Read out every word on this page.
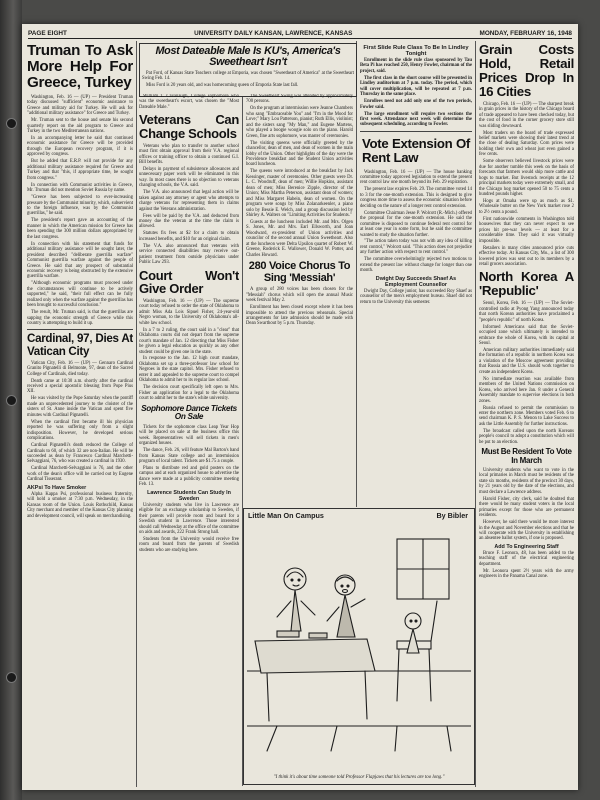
PAGE EIGHT	UNIVERSITY DAILY KANSAN, LAWRENCE, KANSAS	MONDAY, FEBRUARY 16, 1948
Truman To Ask More Help For Greece, Turkey

Washington, Feb. 16 — (UP) — President Truman today discussed "sufficient" economic assistance to Greece and military aid for Turkey. He will ask for "additional military assistance" for Greece and Turkey.

Mr. Truman sent to the house and senate his second quarterly report on the aid program to Greece and Turkey in the two Mediterranean nations.

In an accompanying letter he said that continued economic assistance for Greece will be provided through the European recovery program, if it is approved by congress.

But he added that E.R.P. will not provide for any additional military assistance required for Greece and Turkey and that "this, if appropriate time, be sought from congress."

In connection with Communist activities in Greece, Mr. Truman did not mention Soviet Russia by name.

"Greece has been subjected to ever-increasing pressure by the Communist minority, which, subservient to the foreign influence, was by the Communist guerrillas," he said.

The president's report gave an accounting of the manner in which the American mission for Greece has been spending the 300 million dollars appropriated by the last congress.

In connection with his statement that funds for additional military assistance will be sought later, the president described "deliberate guerrilla warfare" Communist guerrilla warfare against the people of Greece. He said that any prospect of substantial economic recovery is being obstructed by the extensive guerrilla warfare.

"Although economic programs must proceed under the circumstances will continue to be actively supported," he said, "their full effect can be fully realized only when the warfare against the guerrillas has been brought to successful conclusion."

The result, Mr. Truman said, is that the guerrillas are sapping the economic strength of Greece while this country is attempting to build it up.

Cardinal, 97, Dies At Vatican City

Vatican City, Feb. 16 — (UP) — Gennaro Cardinal Granito Pignatelli di Belmonte, 97, dean of the Sacred College of Cardinals, died today.

Death came at 10:30 a.m. shortly after the cardinal received a special apostolic blessing from Pope Pius XII.

He was visited by the Pope Saturday when the pontiff made an unprecedented journey to the cloister of the sisters of St. Anne inside the Vatican and spent five minutes with Cardinal Pignatelli.

When the cardinal first became ill his physician reported he was suffering only from a slight indisposition. However, he developed serious complications.

Cardinal Pignatelli's death reduced the College of Cardinals to 60, of which 32 are non-Italian. He will be succeeded as dean by Francesco Cardinal Marchetti-Selvaggiani, 76, who was created a cardinal in 1930.

Cardinal Marchetti-Selvaggiani is 76, and the other work of the dean's office will be carried out by Eugene Cardinal Tisserant.

AKPsi To Have Smoker

Alpha Kappa Psi, professional business fraternity, will hold a smoker at 7:30 p.m. Wednesday, in the Kansas room of the Union. Louis Rothschild, Kansas City merchant and member of the Kansas City planning and development council, will speak on merchandising.

Most Dateable Male Is KU's, America's Sweetheart Isn't

Pat Ford, of Kansas State Teachers college at Emporia, was chosen "Sweetheart of America" at the Sweetheart Swing Feb. 14.

Miss Ford is 20 years old, and was homecoming queen of Emporia State last fall.

William T. Cavanaugh, College sophomore who was the sweetheart's escort, was chosen the "Most Dateable Male."

Veterans Can Change Schools

Veterans who plan to transfer to another school must first obtain approval from their V.A. regional offices or training officer to obtain a continued G.I. Bill benefits.

Delays in payment of subsistence allowances and unnecessary paper work will be eliminated in this way. In most cases there is no objection to veterans changing schools, the V.A. said.

The V.A. also announced that legal action will be taken against any attorney or agent who attempts to charge veterans for representing them in claims against the Veterans administration.

Fees will be paid by the V.A. and deducted from money due the veteran at the time the claim is allowed.

Statutes fix fees at $2 for a claim to obtain increased benefits, and $10 for an original claim.

The V.A. also announced that veterans with service connected disabilities may receive out-patient treatment from outside physicians under Public Law 293.

Court Won't Give Order

Washington, Feb. 16 — (UP) — The supreme court today refused to order the state of Oklahoma to admit Miss Ada Lois Sipuel Fisher, 24-year-old Negro woman, to the University of Oklahoma's all-white law school.

In a 7 to 2 ruling, the court said in a "clear" that Oklahoma courts did not depart from the supreme court's mandate of Jan. 12 directing that Miss Fisher be given a legal education as quickly as any other student could be given one in the state.

In response to the Jan. 12 high court mandate, Oklahoma set up a three-professor law school for Negroes in the state capitol. Mrs. Fisher refused to enter it and appealed to the supreme court to compel Oklahoma to admit her to its regular law school.

The decision court specifically left open to Mrs. Fisher an application for a legal to the Oklahoma court to admit her to the state's white university.

Sophomore Dance Tickets On Sale

Tickets for the sophomore class Leap Year Hop will be placed on sale at the business office this week. Representatives will sell tickets in men's organized houses.

The dance, Feb. 26, will feature Mal Barton's band from Kansas State college and an intermission program of local talent. Tickets are $1.75 a couple.

Plans to distribute red and gold posters on the campus and at each organized house to advertise the dance were made at a publicity committee meeting Feb. 13.

Lawrence Students Can Study In Sweden

University students who live in Lawrence are eligible for an exchange scholarship to Sweden, if their parents will provide room and board for a Swedish student in Lawrence. Those interested should call Wednesday at the office of the committee on aids and awards, 222 Frank Strong hall.

Students from the University would receive free room and board from the parents of Swedish students who are studying here.

The Sweetheart Swing was attended by approximately 700 persons.

On the program at intermission were Jeanne Chambers who sang "Embraceable You" and "I'm in the Mood for Love;" Mary Lou Patterson, pianist; Ruth Ellis, violinist; and the sisters sang "My Man," and Eugene Martens, who played a boogie woogie solo on the piano. Harold Green, fine arts sophomore, was master of ceremonies.

The visiting queens were officially greeted by the chancellor, dean of men, and dean of women in the main lobby of the Union. Other highlights of the day were the Providence breakfast and the Student Union activities board luncheon.

The queens were introduced at the breakfast by Jack Kessinger, master of ceremonies. Other guests were Dr. L. C. Woodruff, dean of men; Willie Hopkins, assistant dean of men; Miss Berenice Zipple, director of the Union; Miss Martha Peterson, assistant dean of women; and Miss Margaret Habein, dean of women. On the program were songs by Miss Zolanarkeenler, a piano solo by Bessie E. Welch, and a group discussion led by Shirley A. Walters on "Limiting Activities for Students."

Guests at the luncheon included Mr. and Mrs. Olgen S. Jones, Mr. and Mrs. Earl Ellsworth, and Joan Woodward, ex-president of Union activities and councilor of the second annual Union Sweetheart. Also at the luncheon were Delta Upsilon quartet of Robert W. Greene, Roderick E. Wallower, Donald W. Potter, and Charles Howard.

280 Voice Chorus To Sing 'Messiah'

A group of 280 voices has been chosen for the "Messiah" chorus which will open the annual Music week festival May 2.

Enrollment has been closed except where it has been impossible to attend the previous rehearsals. Special arrangements for late admission should be made with Dean Swarthout by 5 p.m. Thursday.

First Slide Rule Class To Be In Lindley Tonight

Enrollment in the slide rule class sponsored by Tau Beta Pi has reached 250, Henry Fowler, chairman of the project, said.

The first class in the short course will be presented in Lindley auditorium at 7 p.m. today. The period, which will cover multiplication, will be repeated at 7 p.m. Thursday in the same place.

Enrollees need not add only one of the two periods, Fowler said.

The large enrollment will require two sections the first week. Attendance next week will determine the subsequent scheduling, according to Fowler.

Vote Extension Of Rent Law

Washington, Feb. 16 — (UP) — The house banking committee today approved legislation to extend the present rent control law one month beyond its Feb. 29 expiration.

The present law expires Feb. 29. The committee voted 14 to 3 for the one-month extension. This is designed to give congress more time to assess the economic situation before deciding on the nature of a longer rent control extension.

Committee Chairman Jesse P. Wolcott (R.-Mich.) offered the proposal for the one-month extension. He said the committee is disposed to continue federal rent control for at least one year in some form, but he said the committee wanted to study the situation further.

"The action taken today was not with any idea of killing rent control," Wolcott said. "This action does not prejudice any further action with respect to rent control."

The committee overwhelmingly rejected two motions to extend the present law without change for longer than one month.

Dwight Day Succeeds Shaef As Employment Counsellor

Dwight Day, College junior, has succeeded Roy Shaef as counsellor of the men's employment bureau. Shaef did not return to the University this semester.

Grain Costs Hold, Retail Prices Drop In 16 Cities

Chicago, Feb. 16 — (UP) — The sharpest break in grain prices in the history of the Chicago board of trade appeared to have been checked today, but the cost of food in the corner grocery store still was sliding downward.

Most traders on the board of trade expressed belief markets were showing their latest trend at the close of dealing Saturday. Corn prices were holding their own and wheat just even gained a few cents.

Some observers believed livestock prices were due for another tumble this week on the basis of forecasts that farmers would ship more cattle and hogs to market. But livestock receipts at the 12 principal markets today were extremely small, and the Chicago hog market opened 50 to 75 cents a hundred pounds higher.

Hogs at Omaha were up as much as $1. Wholesale butter on the New York market rose 2 to 2½ cents a pound.

First nationwide comments in Washington told housewives that they can never expect to see prices hit pre-war levels — at least for a considerable time. They said it was virtually impossible.

Retailers in many cities announced price cuts effective today. At Kansas City, Mo., a list of 300 lowered prices was sent out to its members by a retail grocers association.

North Korea A 'Republic'

Seoul, Korea, Feb. 16 — (UP) — The Soviet-controlled radio at Pyong Yang announced today that north Korean authorities have proclaimed a "people's republic" of north Korea.

Informed Americans said that the Soviet-occupied zone which ultimately is intended to embrace the whole of Korea, with its capital at Seoul.

American military authorities immediately said the formation of a republic in northern Korea was a violation of the Moscow agreement providing that Russia and the U.S. should work together to create an independent Korea.

No immediate reaction was available from members of the United Nations commission on Korea, who arrived here Jan. 8 under a General Assembly mandate to supervise elections in both zones.

Russia refused to permit the commission to enter the northern zone. Members voted Feb. 6 to send chairman K. P. S. Menon to Lake Success to ask the Little Assembly for further instructions.

The broadcast called upon the north Koreans people's council to adopt a constitution which will be put to an election.

Must Be Resident To Vote In March

University students who want to vote in the local primaries in March must be residents of the state six months, residents of the precinct 30 days, by 21 years old by the date of the elections, and must declare a Lawrence address.

Harold Fisher, city clerk, said he doubted that there would be many student voters in the local primaries except for those who are permanent residents.

However, he said there would be more interest in the August and November elections and that he will cooperate with the University in establishing an absentee ballot system, if one is proposed.

Add To Engineering Staff

Bruce F. Leonora, 48, has been added to the teaching staff of the electrical engineering department.

Mr. Leonora spent 2½ years with the army engineers in the Panama Canal zone.

Little Man On Campus	By Bibler
"I think it's about time someone told Professor Flapjaws that his lectures are too long."
